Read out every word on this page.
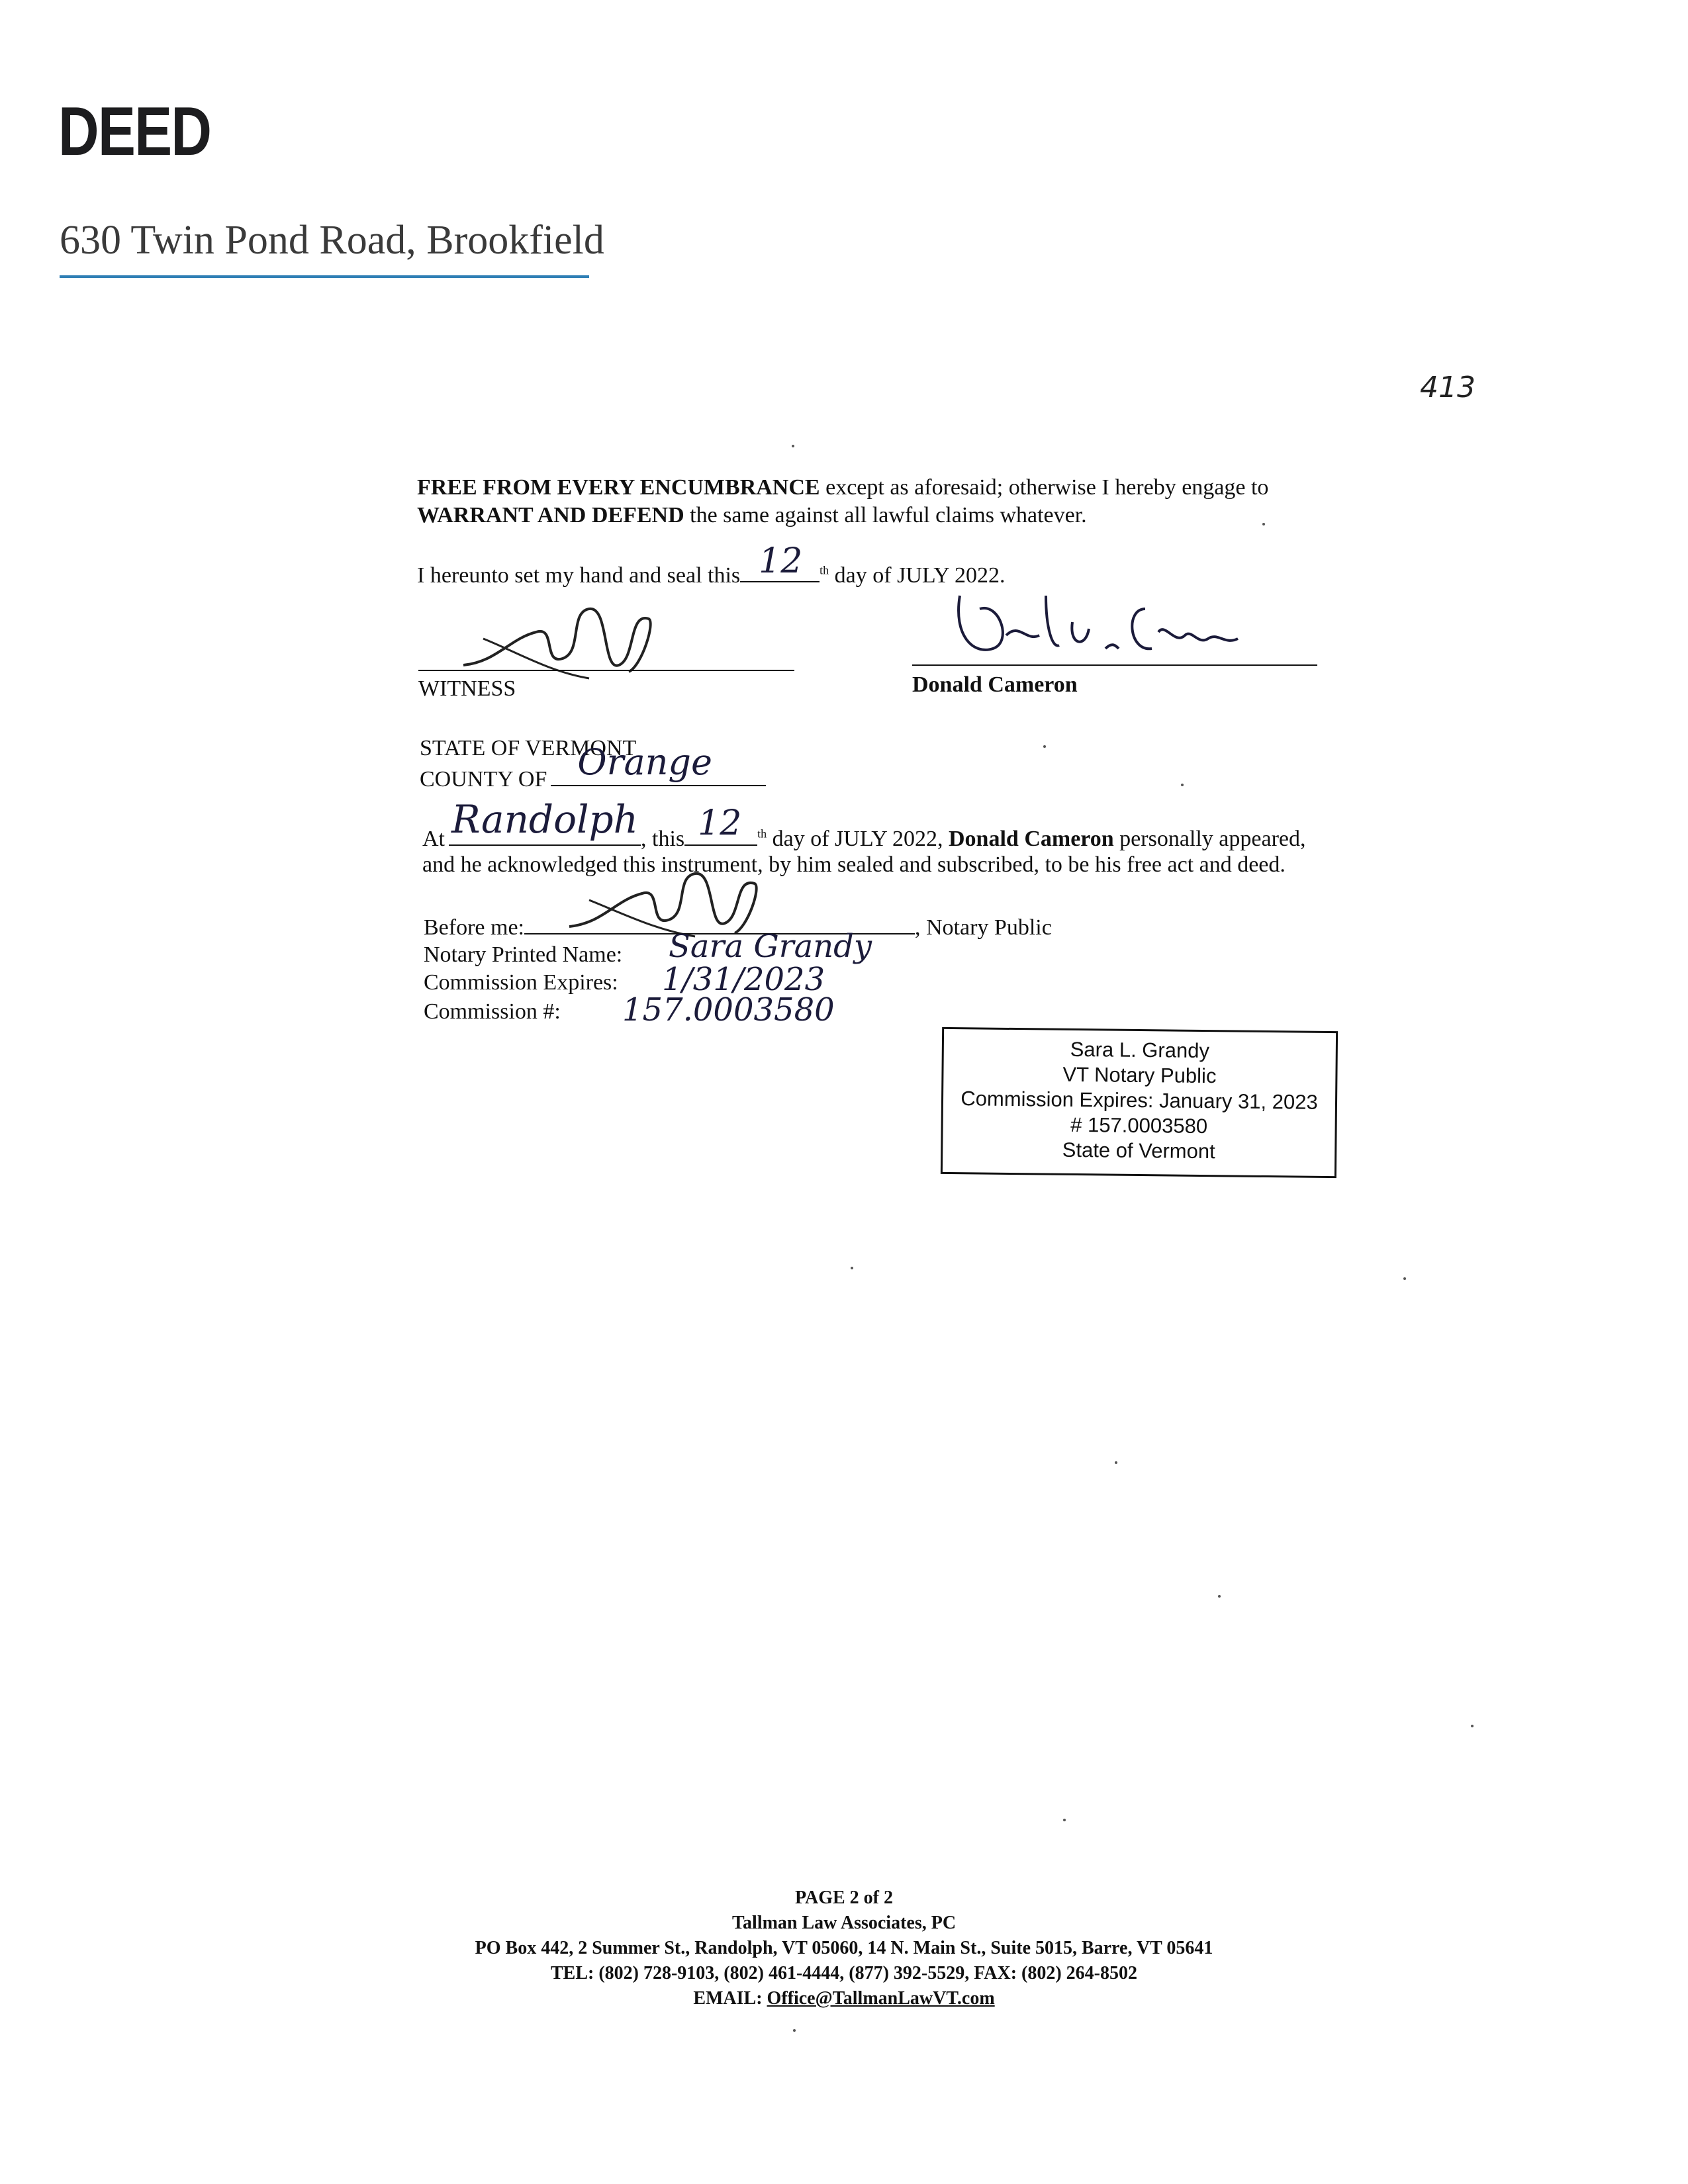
DEED
630 Twin Pond Road, Brookfield
413
FREE FROM EVERY ENCUMBRANCE except as aforesaid; otherwise I hereby engage to
WARRANT AND DEFEND the same against all lawful claims whatever.
I hereunto set my hand and seal this 12 $^{th}$ day of JULY 2022.
WITNESS	Donald Cameron
STATE OF VERMONT
COUNTY OF Orange
At Randolph , this 12 $^{th}$ day of JULY 2022, Donald Cameron personally appeared,
and he acknowledged this instrument, by him sealed and subscribed, to be his free act and deed.
Before me:	, Notary Public
Notary Printed Name: Sara Grandy
Commission Expires: 1/31/2023
Commission #: 157.0003580
Sara L. Grandy
VT Notary Public
Commission Expires: January 31, 2023
# 157.0003580
State of Vermont
PAGE 2 of 2
Tallman Law Associates, PC
PO Box 442, 2 Summer St., Randolph, VT 05060, 14 N. Main St., Suite 5015, Barre, VT 05641
TEL: (802) 728-9103, (802) 461-4444, (877) 392-5529, FAX: (802) 264-8502
EMAIL: Office@TallmanLawVT.com
